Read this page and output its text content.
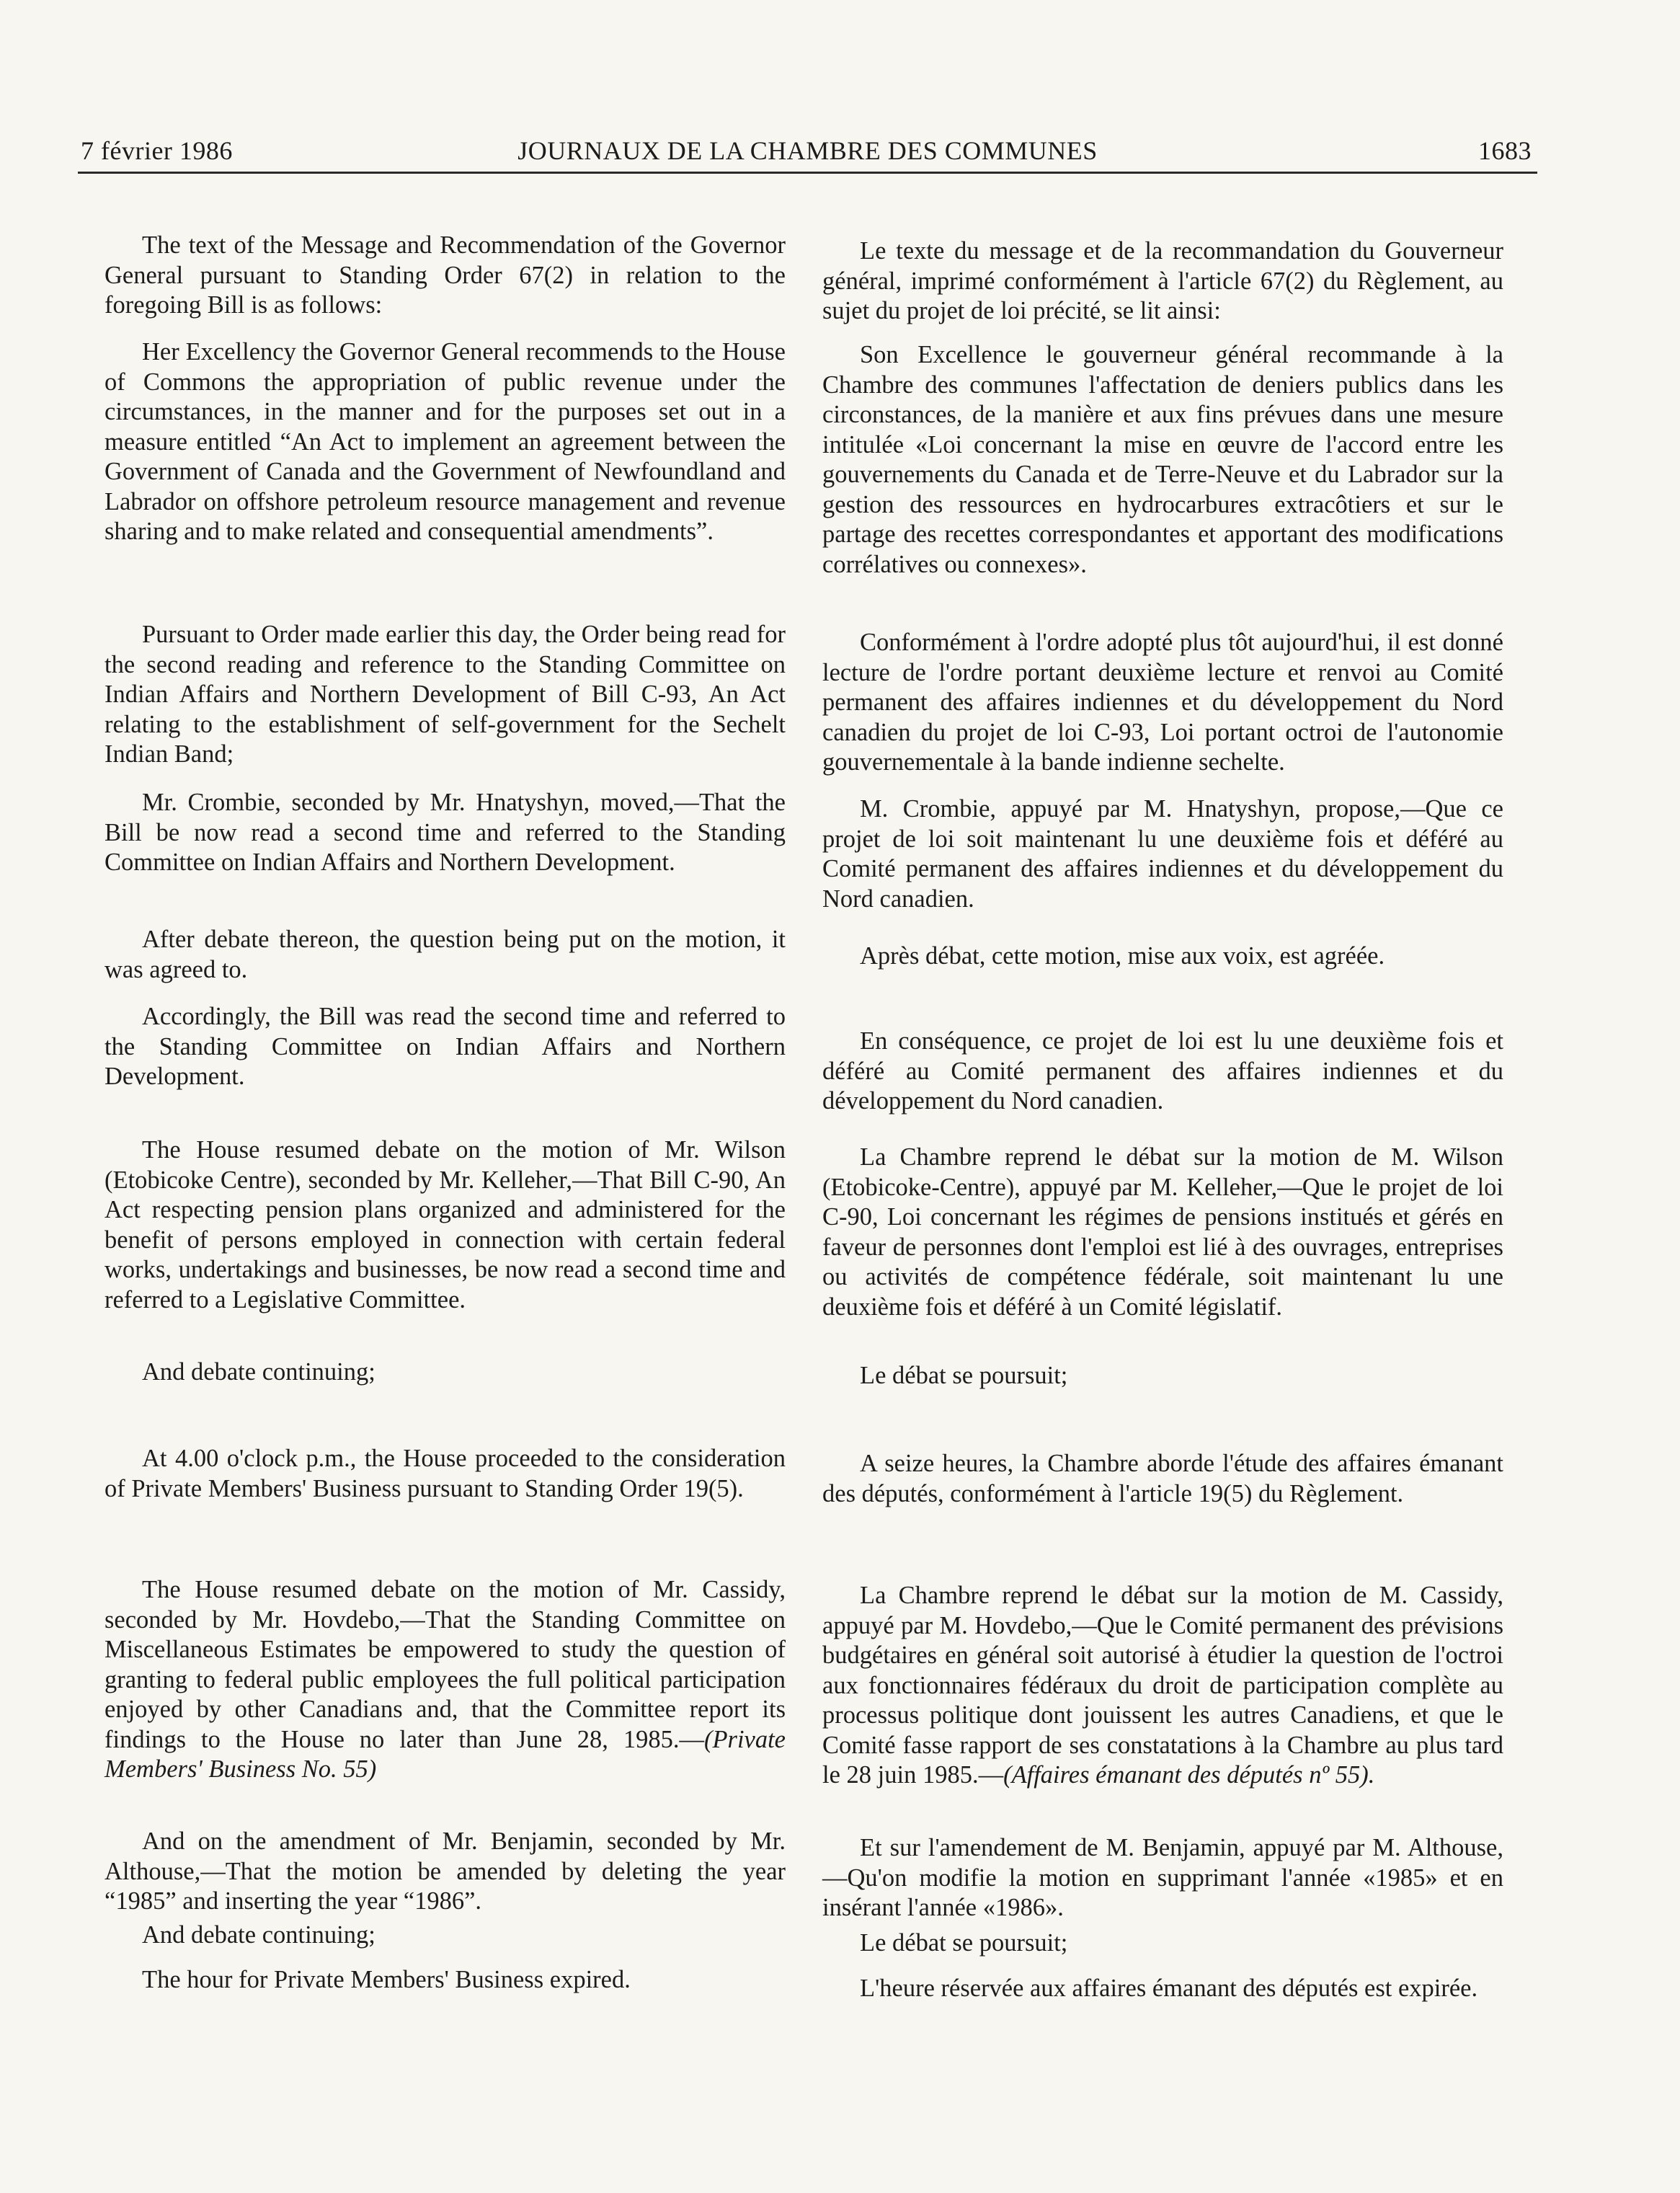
7 février 1986	JOURNAUX DE LA CHAMBRE DES COMMUNES	1683

The text of the Message and Recommendation of the Governor General pursuant to Standing Order 67(2) in relation to the foregoing Bill is as follows:

Her Excellency the Governor General recommends to the House of Commons the appropriation of public revenue under the circumstances, in the manner and for the purposes set out in a measure entitled “An Act to implement an agreement between the Government of Canada and the Government of Newfoundland and Labrador on offshore petroleum resource management and revenue sharing and to make related and consequential amendments”.

Pursuant to Order made earlier this day, the Order being read for the second reading and reference to the Standing Committee on Indian Affairs and Northern Development of Bill C-93, An Act relating to the establishment of self-government for the Sechelt Indian Band;

Mr. Crombie, seconded by Mr. Hnatyshyn, moved,—That the Bill be now read a second time and referred to the Standing Committee on Indian Affairs and Northern Development.

After debate thereon, the question being put on the motion, it was agreed to.

Accordingly, the Bill was read the second time and referred to the Standing Committee on Indian Affairs and Northern Development.

The House resumed debate on the motion of Mr. Wilson (Etobicoke Centre), seconded by Mr. Kelleher,—That Bill C-90, An Act respecting pension plans organized and administered for the benefit of persons employed in connection with certain federal works, undertakings and businesses, be now read a second time and referred to a Legislative Committee.

And debate continuing;

At 4.00 o'clock p.m., the House proceeded to the consideration of Private Members' Business pursuant to Standing Order 19(5).

The House resumed debate on the motion of Mr. Cassidy, seconded by Mr. Hovdebo,—That the Standing Committee on Miscellaneous Estimates be empowered to study the question of granting to federal public employees the full political participation enjoyed by other Canadians and, that the Committee report its findings to the House no later than June 28, 1985.—(Private Members' Business No. 55)

And on the amendment of Mr. Benjamin, seconded by Mr. Althouse,—That the motion be amended by deleting the year “1985” and inserting the year “1986”.

And debate continuing;

The hour for Private Members' Business expired.

Le texte du message et de la recommandation du Gouverneur général, imprimé conformément à l'article 67(2) du Règlement, au sujet du projet de loi précité, se lit ainsi:

Son Excellence le gouverneur général recommande à la Chambre des communes l'affectation de deniers publics dans les circonstances, de la manière et aux fins prévues dans une mesure intitulée «Loi concernant la mise en œuvre de l'accord entre les gouvernements du Canada et de Terre-Neuve et du Labrador sur la gestion des ressources en hydrocarbures extracôtiers et sur le partage des recettes correspondantes et apportant des modifications corrélatives ou connexes».

Conformément à l'ordre adopté plus tôt aujourd'hui, il est donné lecture de l'ordre portant deuxième lecture et renvoi au Comité permanent des affaires indiennes et du développement du Nord canadien du projet de loi C-93, Loi portant octroi de l'autonomie gouvernementale à la bande indienne sechelte.

M. Crombie, appuyé par M. Hnatyshyn, propose,—Que ce projet de loi soit maintenant lu une deuxième fois et déféré au Comité permanent des affaires indiennes et du développement du Nord canadien.

Après débat, cette motion, mise aux voix, est agréée.

En conséquence, ce projet de loi est lu une deuxième fois et déféré au Comité permanent des affaires indiennes et du développement du Nord canadien.

La Chambre reprend le débat sur la motion de M. Wilson (Etobicoke-Centre), appuyé par M. Kelleher,—Que le projet de loi C-90, Loi concernant les régimes de pensions institués et gérés en faveur de personnes dont l'emploi est lié à des ouvrages, entreprises ou activités de compétence fédérale, soit maintenant lu une deuxième fois et déféré à un Comité législatif.

Le débat se poursuit;

A seize heures, la Chambre aborde l'étude des affaires émanant des députés, conformément à l'article 19(5) du Règlement.

La Chambre reprend le débat sur la motion de M. Cassidy, appuyé par M. Hovdebo,—Que le Comité permanent des prévisions budgétaires en général soit autorisé à étudier la question de l'octroi aux fonctionnaires fédéraux du droit de participation complète au processus politique dont jouissent les autres Canadiens, et que le Comité fasse rapport de ses constatations à la Chambre au plus tard le 28 juin 1985.—(Affaires émanant des députés nº 55).

Et sur l'amendement de M. Benjamin, appuyé par M. Althouse,—Qu'on modifie la motion en supprimant l'année «1985» et en insérant l'année «1986».

Le débat se poursuit;

L'heure réservée aux affaires émanant des députés est expirée.
